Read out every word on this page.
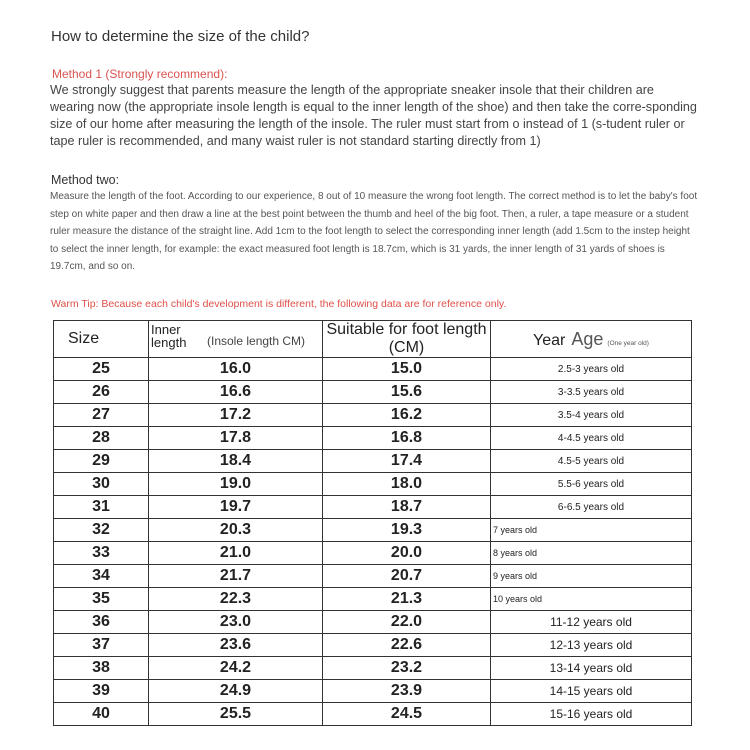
How to determine the size of the child?
Method 1 (Strongly recommend):
We strongly suggest that parents measure the length of the appropriate sneaker insole that their children are wearing now (the appropriate insole length is equal to the inner length of the shoe) and then take the corre-sponding size of our home after measuring the length of the insole. The ruler must start from o instead of 1 (s-tudent ruler or tape ruler is recommended, and many waist ruler is not standard starting directly from 1)
Method two:
Measure the length of the foot. According to our experience, 8 out of 10 measure the wrong foot length. The correct method is to let the baby's foot step on white paper and then draw a line at the best point between the thumb and heel of the big foot. Then, a ruler, a tape measure or a student ruler measure the distance of the straight line. Add 1cm to the foot length to select the corresponding inner length (add 1.5cm to the instep height to select the inner length, for example: the exact measured foot length is 18.7cm, which is 31 yards, the inner length of 31 yards of shoes is 19.7cm, and so on.
Warm Tip: Because each child's development is different, the following data are for reference only.
Size	Inner length (Insole length CM)	Suitable for foot length (CM)	Year Age (One year old)
25	16.0	15.0	2.5-3 years old
26	16.6	15.6	3-3.5 years old
27	17.2	16.2	3.5-4 years old
28	17.8	16.8	4-4.5 years old
29	18.4	17.4	4.5-5 years old
30	19.0	18.0	5.5-6 years old
31	19.7	18.7	6-6.5 years old
32	20.3	19.3	7 years old
33	21.0	20.0	8 years old
34	21.7	20.7	9 years old
35	22.3	21.3	10 years old
36	23.0	22.0	11-12 years old
37	23.6	22.6	12-13 years old
38	24.2	23.2	13-14 years old
39	24.9	23.9	14-15 years old
40	25.5	24.5	15-16 years old
